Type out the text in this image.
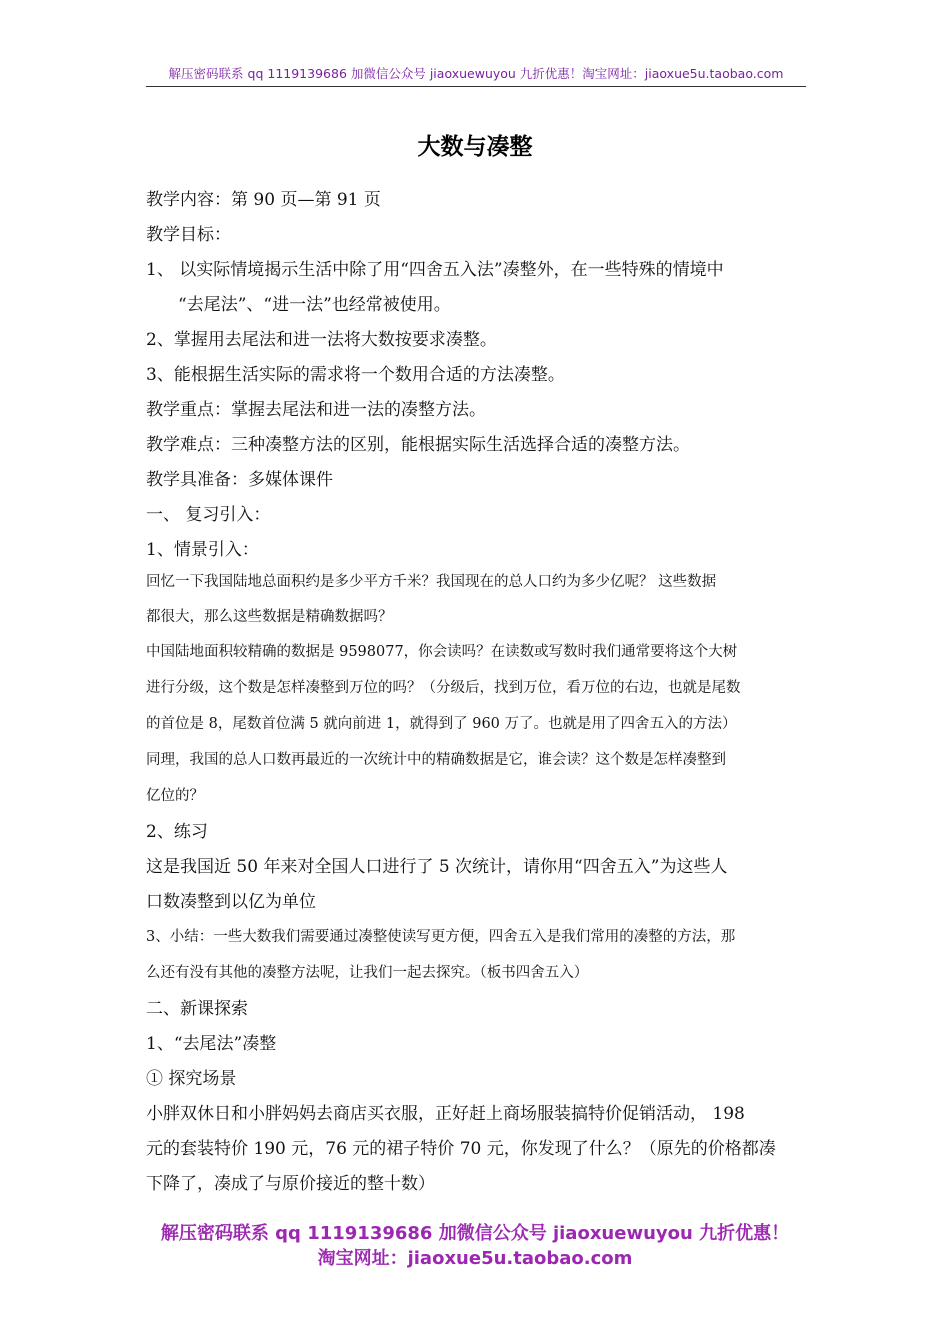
解压密码联系 qq 1119139686 加微信公众号 jiaoxuewuyou 九折优惠！淘宝网址：jiaoxue5u.taobao.com
大数与凑整
教学内容：第 90 页—第 91 页
教学目标：
1、 以实际情境揭示生活中除了用“四舍五入法”凑整外，在一些特殊的情境中
“去尾法”、“进一法”也经常被使用。
2、掌握用去尾法和进一法将大数按要求凑整。
3、能根据生活实际的需求将一个数用合适的方法凑整。
教学重点：掌握去尾法和进一法的凑整方法。
教学难点：三种凑整方法的区别，能根据实际生活选择合适的凑整方法。
教学具准备：多媒体课件
一、 复习引入：
1、情景引入：
回忆一下我国陆地总面积约是多少平方千米？我国现在的总人口约为多少亿呢？ 这些数据
都很大，那么这些数据是精确数据吗？
中国陆地面积较精确的数据是 9598077，你会读吗？在读数或写数时我们通常要将这个大树
进行分级，这个数是怎样凑整到万位的吗？（分级后，找到万位，看万位的右边，也就是尾数
的首位是 8，尾数首位满 5 就向前进 1，就得到了 960 万了。也就是用了四舍五入的方法）
同理，我国的总人口数再最近的一次统计中的精确数据是它，谁会读？这个数是怎样凑整到
亿位的？
2、练习
这是我国近 50 年来对全国人口进行了 5 次统计，请你用“四舍五入”为这些人
口数凑整到以亿为单位
3、小结：一些大数我们需要通过凑整使读写更方便，四舍五入是我们常用的凑整的方法，那
么还有没有其他的凑整方法呢，让我们一起去探究。（板书四舍五入）
二、新课探索
1、“去尾法”凑整
① 探究场景
小胖双休日和小胖妈妈去商店买衣服，正好赶上商场服装搞特价促销活动， 198
元的套装特价 190 元，76 元的裙子特价 70 元，你发现了什么？（原先的价格都凑
下降了，凑成了与原价接近的整十数）
解压密码联系 qq 1119139686 加微信公众号 jiaoxuewuyou 九折优惠！
淘宝网址：jiaoxue5u.taobao.com
